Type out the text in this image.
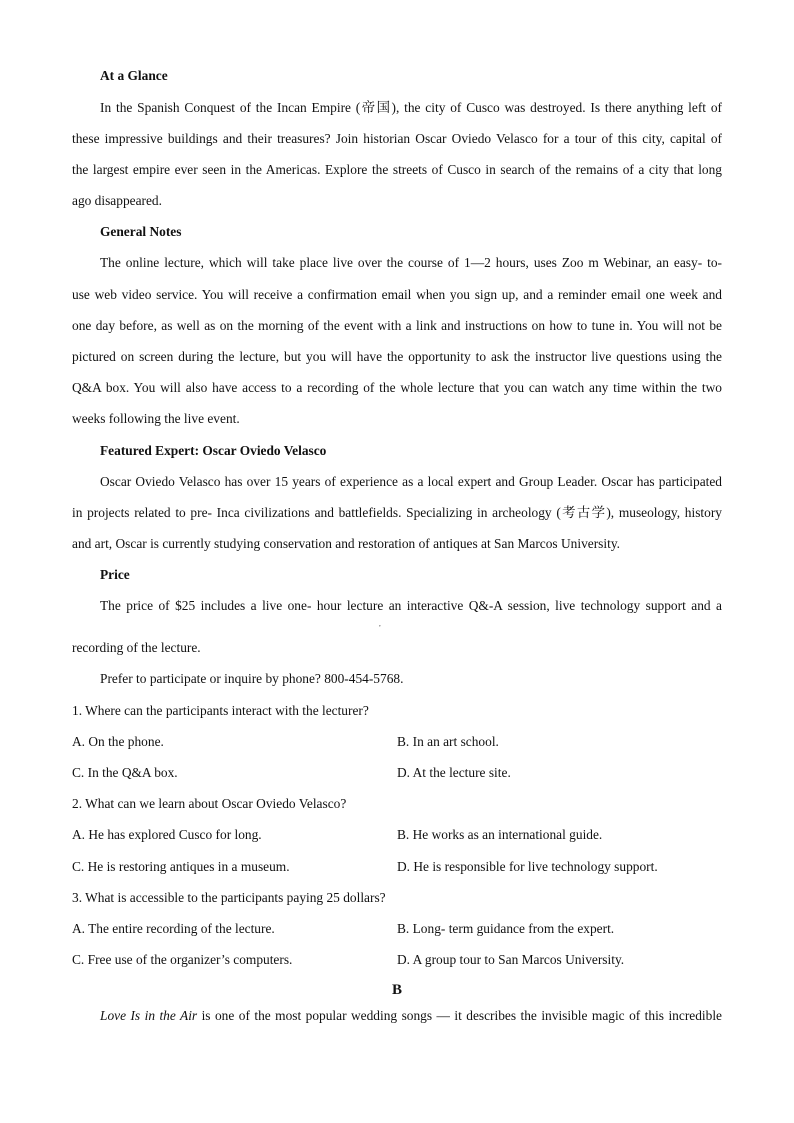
At a Glance
In the Spanish Conquest of the Incan Empire (帝国), the city of Cusco was destroyed. Is there anything left of
these impressive buildings and their treasures? Join historian Oscar Oviedo Velasco for a tour of this city, capital of
the largest empire ever seen in the Americas. Explore the streets of Cusco in search of the remains of a city that long
ago disappeared.
General Notes
The online lecture, which will take place live over the course of 1—2 hours, uses Zoo m Webinar, an easy- to-
use web video service. You will receive a confirmation email when you sign up, and a reminder email one week and
one day before, as well as on the morning of the event with a link and instructions on how to tune in. You will not be
pictured on screen during the lecture, but you will have the opportunity to ask the instructor live questions using the
Q&A box. You will also have access to a recording of the whole lecture that you can watch any time within the two
weeks following the live event.
Featured Expert: Oscar Oviedo Velasco
Oscar Oviedo Velasco has over 15 years of experience as a local expert and Group Leader. Oscar has participated
in projects related to pre- Inca civilizations and battlefields. Specializing in archeology (考古学), museology, history
and art, Oscar is currently studying conservation and restoration of antiques at San Marcos University.
Price
The price of $25 includes a live one- hour lecture an interactive Q&-A session, live technology support and a
,
recording of the lecture.
Prefer to participate or inquire by phone? 800-454-5768.
1. Where can the participants interact with the lecturer?
A. On the phone.	B. In an art school.
C. In the Q&A box.	D. At the lecture site.
2. What can we learn about Oscar Oviedo Velasco?
A. He has explored Cusco for long.	B. He works as an international guide.
C. He is restoring antiques in a museum.	D. He is responsible for live technology support.
3. What is accessible to the participants paying 25 dollars?
A. The entire recording of the lecture.	B. Long- term guidance from the expert.
C. Free use of the organizer’s computers.	D. A group tour to San Marcos University.
B
Love Is in the Air is one of the most popular wedding songs — it describes the invisible magic of this incredible
